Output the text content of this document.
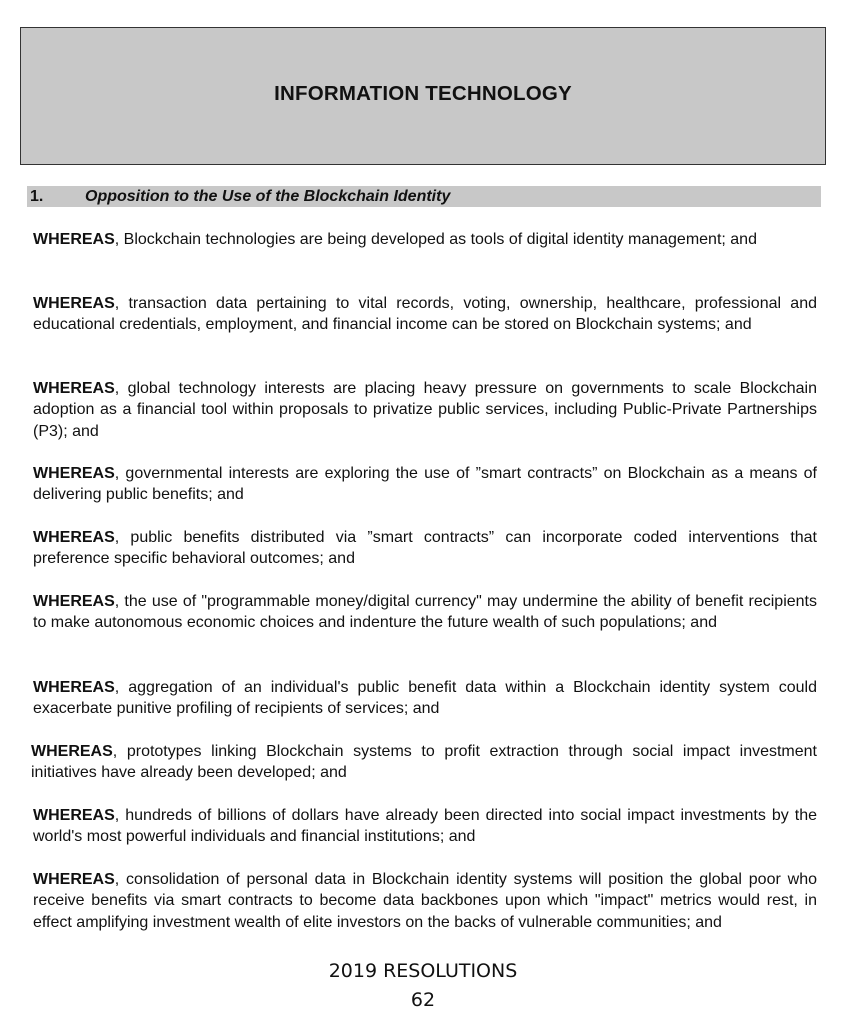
INFORMATION TECHNOLOGY
1.	Opposition to the Use of the Blockchain Identity

WHEREAS, Blockchain technologies are being developed as tools of digital identity management; and

WHEREAS, transaction data pertaining to vital records, voting, ownership, healthcare, professional and educational credentials, employment, and financial income can be stored on Blockchain systems; and

WHEREAS, global technology interests are placing heavy pressure on governments to scale Blockchain adoption as a financial tool within proposals to privatize public services, including Public-Private Partnerships (P3); and

WHEREAS, governmental interests are exploring the use of ”smart contracts” on Blockchain as a means of delivering public benefits; and

WHEREAS, public benefits distributed via ”smart contracts” can incorporate coded interventions that preference specific behavioral outcomes; and

WHEREAS, the use of "programmable money/digital currency" may undermine the ability of benefit recipients to make autonomous economic choices and indenture the future wealth of such populations; and

WHEREAS, aggregation of an individual's public benefit data within a Blockchain identity system could exacerbate punitive profiling of recipients of services; and

WHEREAS, prototypes linking Blockchain systems to profit extraction through social impact investment initiatives have already been developed; and

WHEREAS, hundreds of billions of dollars have already been directed into social impact investments by the world's most powerful individuals and financial institutions; and

WHEREAS, consolidation of personal data in Blockchain identity systems will position the global poor who receive benefits via smart contracts to become data backbones upon which "impact" metrics would rest, in effect amplifying investment wealth of elite investors on the backs of vulnerable communities; and

2019 RESOLUTIONS
62
